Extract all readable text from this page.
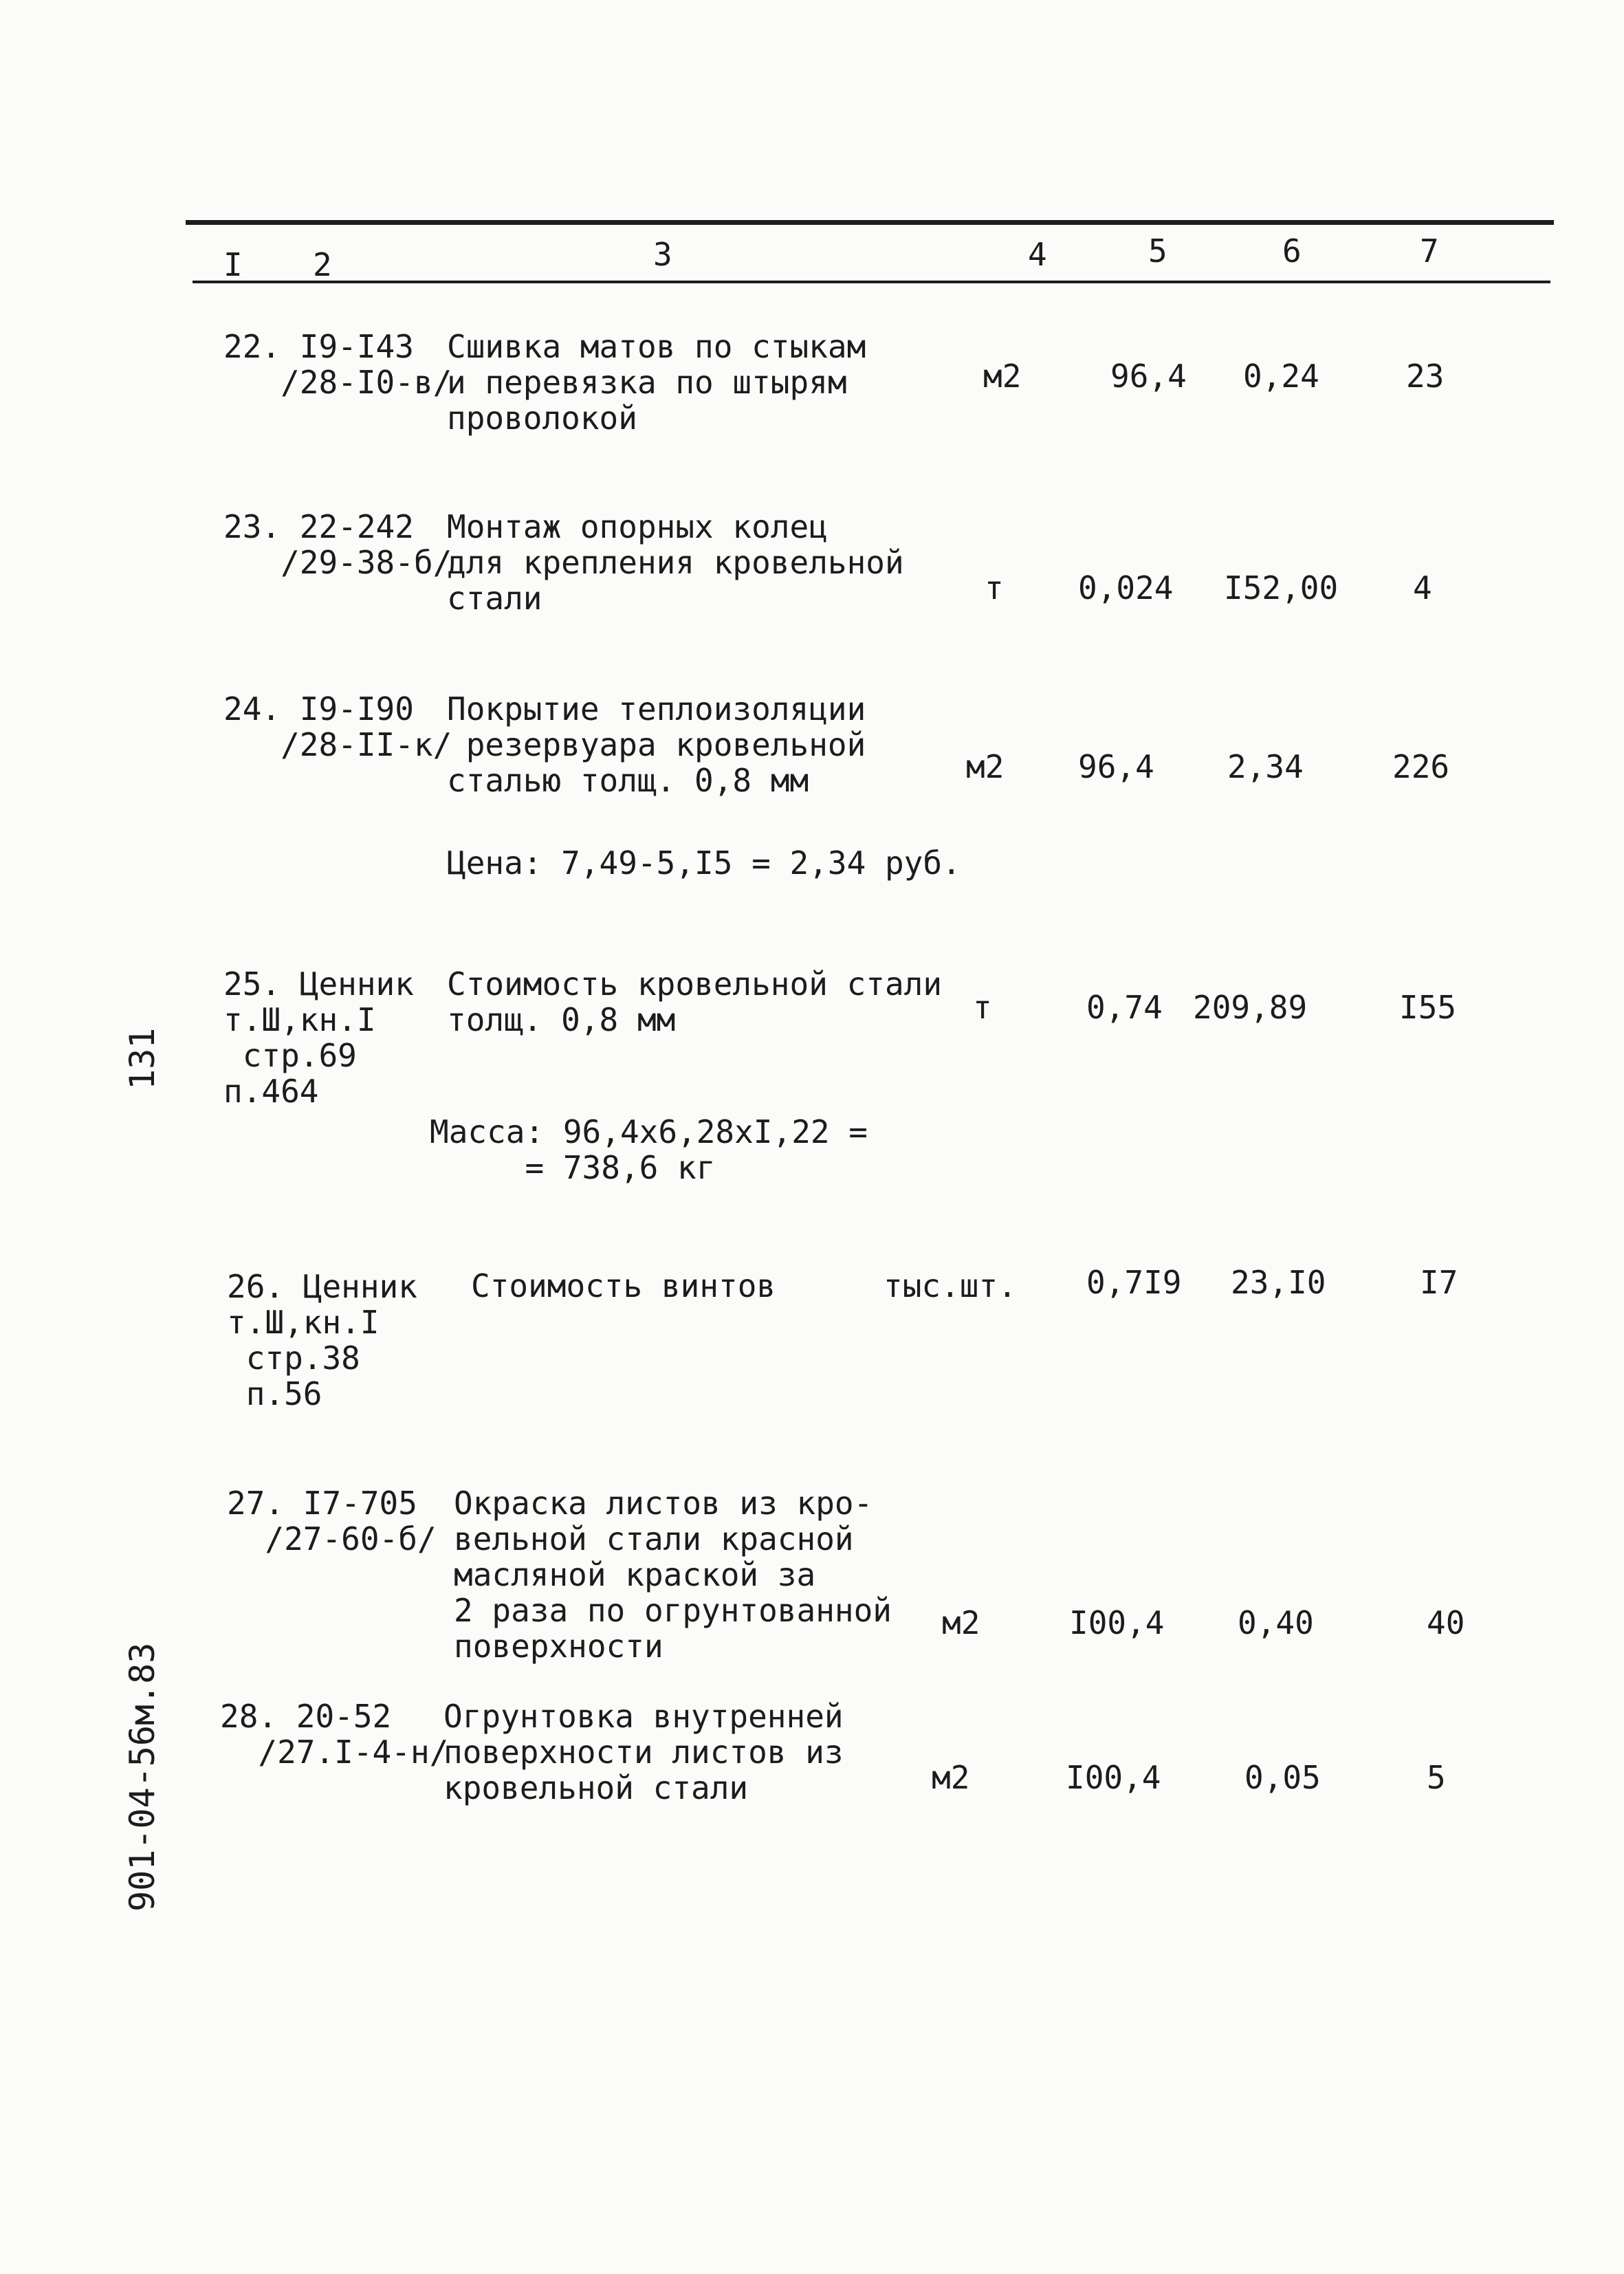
I 2	3	4	5	6	7
131
901-04-56м.83
22. I9-I43
/28-I0-в/
Сшивка матов по стыкам
и перевязка по штырям
проволокой
м2	96,4 0,24	23
23. 22-242
/29-38-б/
Монтаж опорных колец
для крепления кровельной
стали	т 0,024 I52,00 4
24. I9-I90
/28-II-к/
Покрытие теплоизоляции
резервуара кровельной
сталью толщ. 0,8 мм	м2 96,4 2,34	226
Цена: 7,49-5,I5 = 2,34 руб.
25. Ценник
т.Ш,кн.I
стр.69
п.464
Стоимость кровельной стали
толщ. 0,8 мм	т	0,74 209,89	I55
Масса: 96,4х6,28хI,22 =
= 738,6 кг
26. Ценник
т.Ш,кн.I
стр.38
п.56
Стоимость винтов	тыс.шт. 0,7I9 23,I0	I7
27. I7-705
/27-60-б/
Окраска листов из кро-
вельной стали красной
масляной краской за
2 раза по огрунтованной
поверхности
м2	I00,4 0,40	40
28. 20-52
/27.I-4-н/
Огрунтовка внутренней
поверхности листов из
кровельной стали	м2	I00,4	0,05	5
